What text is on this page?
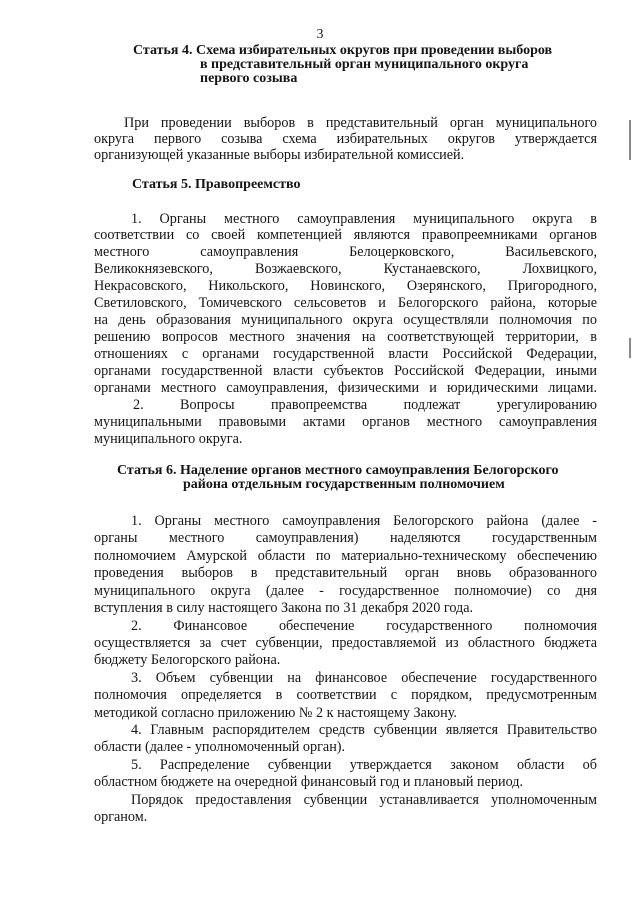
3
Статья 4. Схема избирательных округов при проведении выборов
в представительный орган муниципального округа
первого созыва
При проведении выборов в представительный орган муниципального
округа первого созыва схема избирательных округов утверждается
организующей указанные выборы избирательной комиссией.
Статья 5. Правопреемство
1. Органы местного самоуправления муниципального округа в
соответствии со своей компетенцией являются правопреемниками органов
местного самоуправления Белоцерковского, Васильевского,
Великокнязевского, Возжаевского, Кустанаевского, Лохвицкого,
Некрасовского, Никольского, Новинского, Озерянского, Пригородного,
Светиловского, Томичевского сельсоветов и Белогорского района, которые
на день образования муниципального округа осуществляли полномочия по
решению вопросов местного значения на соответствующей территории, в
отношениях с органами государственной власти Российской Федерации,
органами государственной власти субъектов Российской Федерации, иными
органами местного самоуправления, физическими и юридическими лицами.
2. Вопросы правопреемства подлежат урегулированию
муниципальными правовыми актами органов местного самоуправления
муниципального округа.
Статья 6. Наделение органов местного самоуправления Белогорского
района отдельным государственным полномочием
1. Органы местного самоуправления Белогорского района (далее -
органы местного самоуправления) наделяются государственным
полномочием Амурской области по материально-техническому обеспечению
проведения выборов в представительный орган вновь образованного
муниципального округа (далее - государственное полномочие) со дня
вступления в силу настоящего Закона по 31 декабря 2020 года.
2. Финансовое обеспечение государственного полномочия
осуществляется за счет субвенции, предоставляемой из областного бюджета
бюджету Белогорского района.
3. Объем субвенции на финансовое обеспечение государственного
полномочия определяется в соответствии с порядком, предусмотренным
методикой согласно приложению № 2 к настоящему Закону.
4. Главным распорядителем средств субвенции является Правительство
области (далее - уполномоченный орган).
5. Распределение субвенции утверждается законом области об
областном бюджете на очередной финансовый год и плановый период.
Порядок предоставления субвенции устанавливается уполномоченным
органом.
